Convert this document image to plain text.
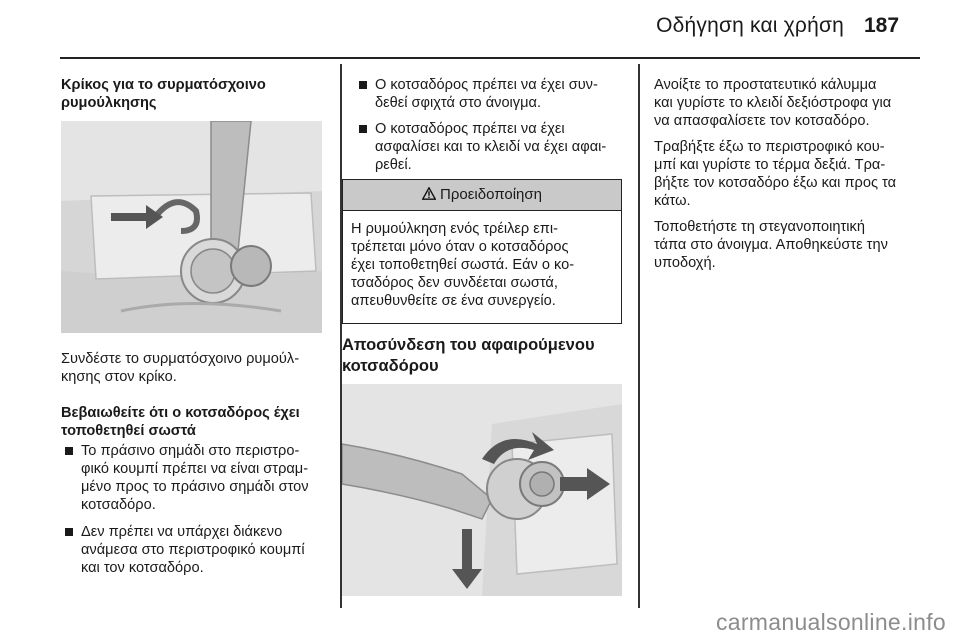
Οδήγηση και χρήση 187

Κρίκος για το συρματόσχοινο
ρυμούλκησης

Συνδέστε το συρματόσχοινο ρυμούλ-
κησης στον κρίκο.

Βεβαιωθείτε ότι ο κοτσαδόρος έχει
τοποθετηθεί σωστά

Το πράσινο σημάδι στο περιστρο-
φικό κουμπί πρέπει να είναι στραμ-
μένο προς το πράσινο σημάδι στον
κοτσαδόρο.

Δεν πρέπει να υπάρχει διάκενο
ανάμεσα στο περιστροφικό κουμπί
και τον κοτσαδόρο.

Ο κοτσαδόρος πρέπει να έχει συν-
δεθεί σφιχτά στο άνοιγμα.

Ο κοτσαδόρος πρέπει να έχει
ασφαλίσει και το κλειδί να έχει αφαι-
ρεθεί.

Προειδοποίηση
Η ρυμούλκηση ενός τρέιλερ επι-
τρέπεται μόνο όταν ο κοτσαδόρος
έχει τοποθετηθεί σωστά. Εάν ο κο-
τσαδόρος δεν συνδέεται σωστά,
απευθυνθείτε σε ένα συνεργείο.

Αποσύνδεση του αφαιρούμενου
κοτσαδόρου

Ανοίξτε το προστατευτικό κάλυμμα
και γυρίστε το κλειδί δεξιόστροφα για
να απασφαλίσετε τον κοτσαδόρο.

Τραβήξτε έξω το περιστροφικό κου-
μπί και γυρίστε το τέρμα δεξιά. Τρα-
βήξτε τον κοτσαδόρο έξω και προς τα
κάτω.

Τοποθετήστε τη στεγανοποιητική
τάπα στο άνοιγμα. Αποθηκεύστε την
υποδοχή.

carmanualsonline.info
